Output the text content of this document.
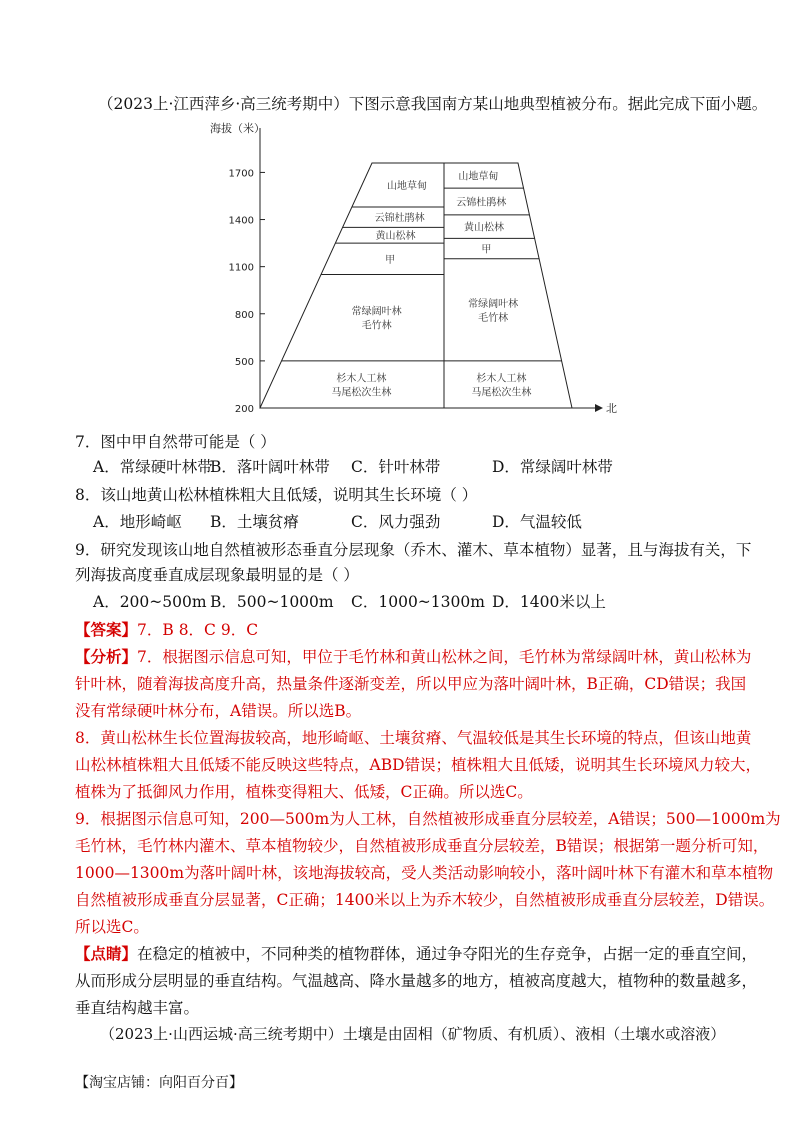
（2023上·江西萍乡·高三统考期中）下图示意我国南方某山地典型植被分布。据此完成下面小题。
海拔（米）
北
200
500
800
1100
1400
1700
杉木人工林
马尾松次生林
常绿阔叶林
毛竹林
甲
黄山松林
云锦杜鹃林
山地草甸
杉木人工林
马尾松次生林
常绿阔叶林
毛竹林
甲
黄山松林
云锦杜鹃林
山地草甸
7．图中甲自然带可能是（ ）
A．常绿硬叶林带
B．落叶阔叶林带 C．针叶林带	D．常绿阔叶林带
8．该山地黄山松林植株粗大且低矮，说明其生长环境（ ）
A．地形崎岖 B．土壤贫瘠	C．风力强劲	D．气温较低
9．研究发现该山地自然植被形态垂直分层现象（乔木、灌木、草本植物）显著，且与海拔有关，下
列海拔高度垂直成层现象最明显的是（ ）
A．200~500m B．500~1000m C．1000~1300m D．1400米以上
【答案】7．B 8．C 9．C
【分析】7．根据图示信息可知，甲位于毛竹林和黄山松林之间，毛竹林为常绿阔叶林，黄山松林为
针叶林，随着海拔高度升高，热量条件逐渐变差，所以甲应为落叶阔叶林，B正确，CD错误；我国
没有常绿硬叶林分布，A错误。所以选B。
8．黄山松林生长位置海拔较高，地形崎岖、土壤贫瘠、气温较低是其生长环境的特点，但该山地黄
山松林植株粗大且低矮不能反映这些特点，ABD错误；植株粗大且低矮，说明其生长环境风力较大，
植株为了抵御风力作用，植株变得粗大、低矮，C正确。所以选C。
9．根据图示信息可知，200—500m为人工林，自然植被形成垂直分层较差，A错误；500—1000m为
毛竹林，毛竹林内灌木、草本植物较少，自然植被形成垂直分层较差，B错误；根据第一题分析可知，
1000—1300m为落叶阔叶林，该地海拔较高，受人类活动影响较小，落叶阔叶林下有灌木和草本植物
自然植被形成垂直分层显著，C正确；1400米以上为乔木较少，自然植被形成垂直分层较差，D错误。
所以选C。
【点睛】在稳定的植被中，不同种类的植物群体，通过争夺阳光的生存竞争，占据一定的垂直空间，
从而形成分层明显的垂直结构。气温越高、降水量越多的地方，植被高度越大，植物种的数量越多，
垂直结构越丰富。
（2023上·山西运城·高三统考期中）土壤是由固相（矿物质、有机质）、液相（土壤水或溶液）
【淘宝店铺：向阳百分百】
